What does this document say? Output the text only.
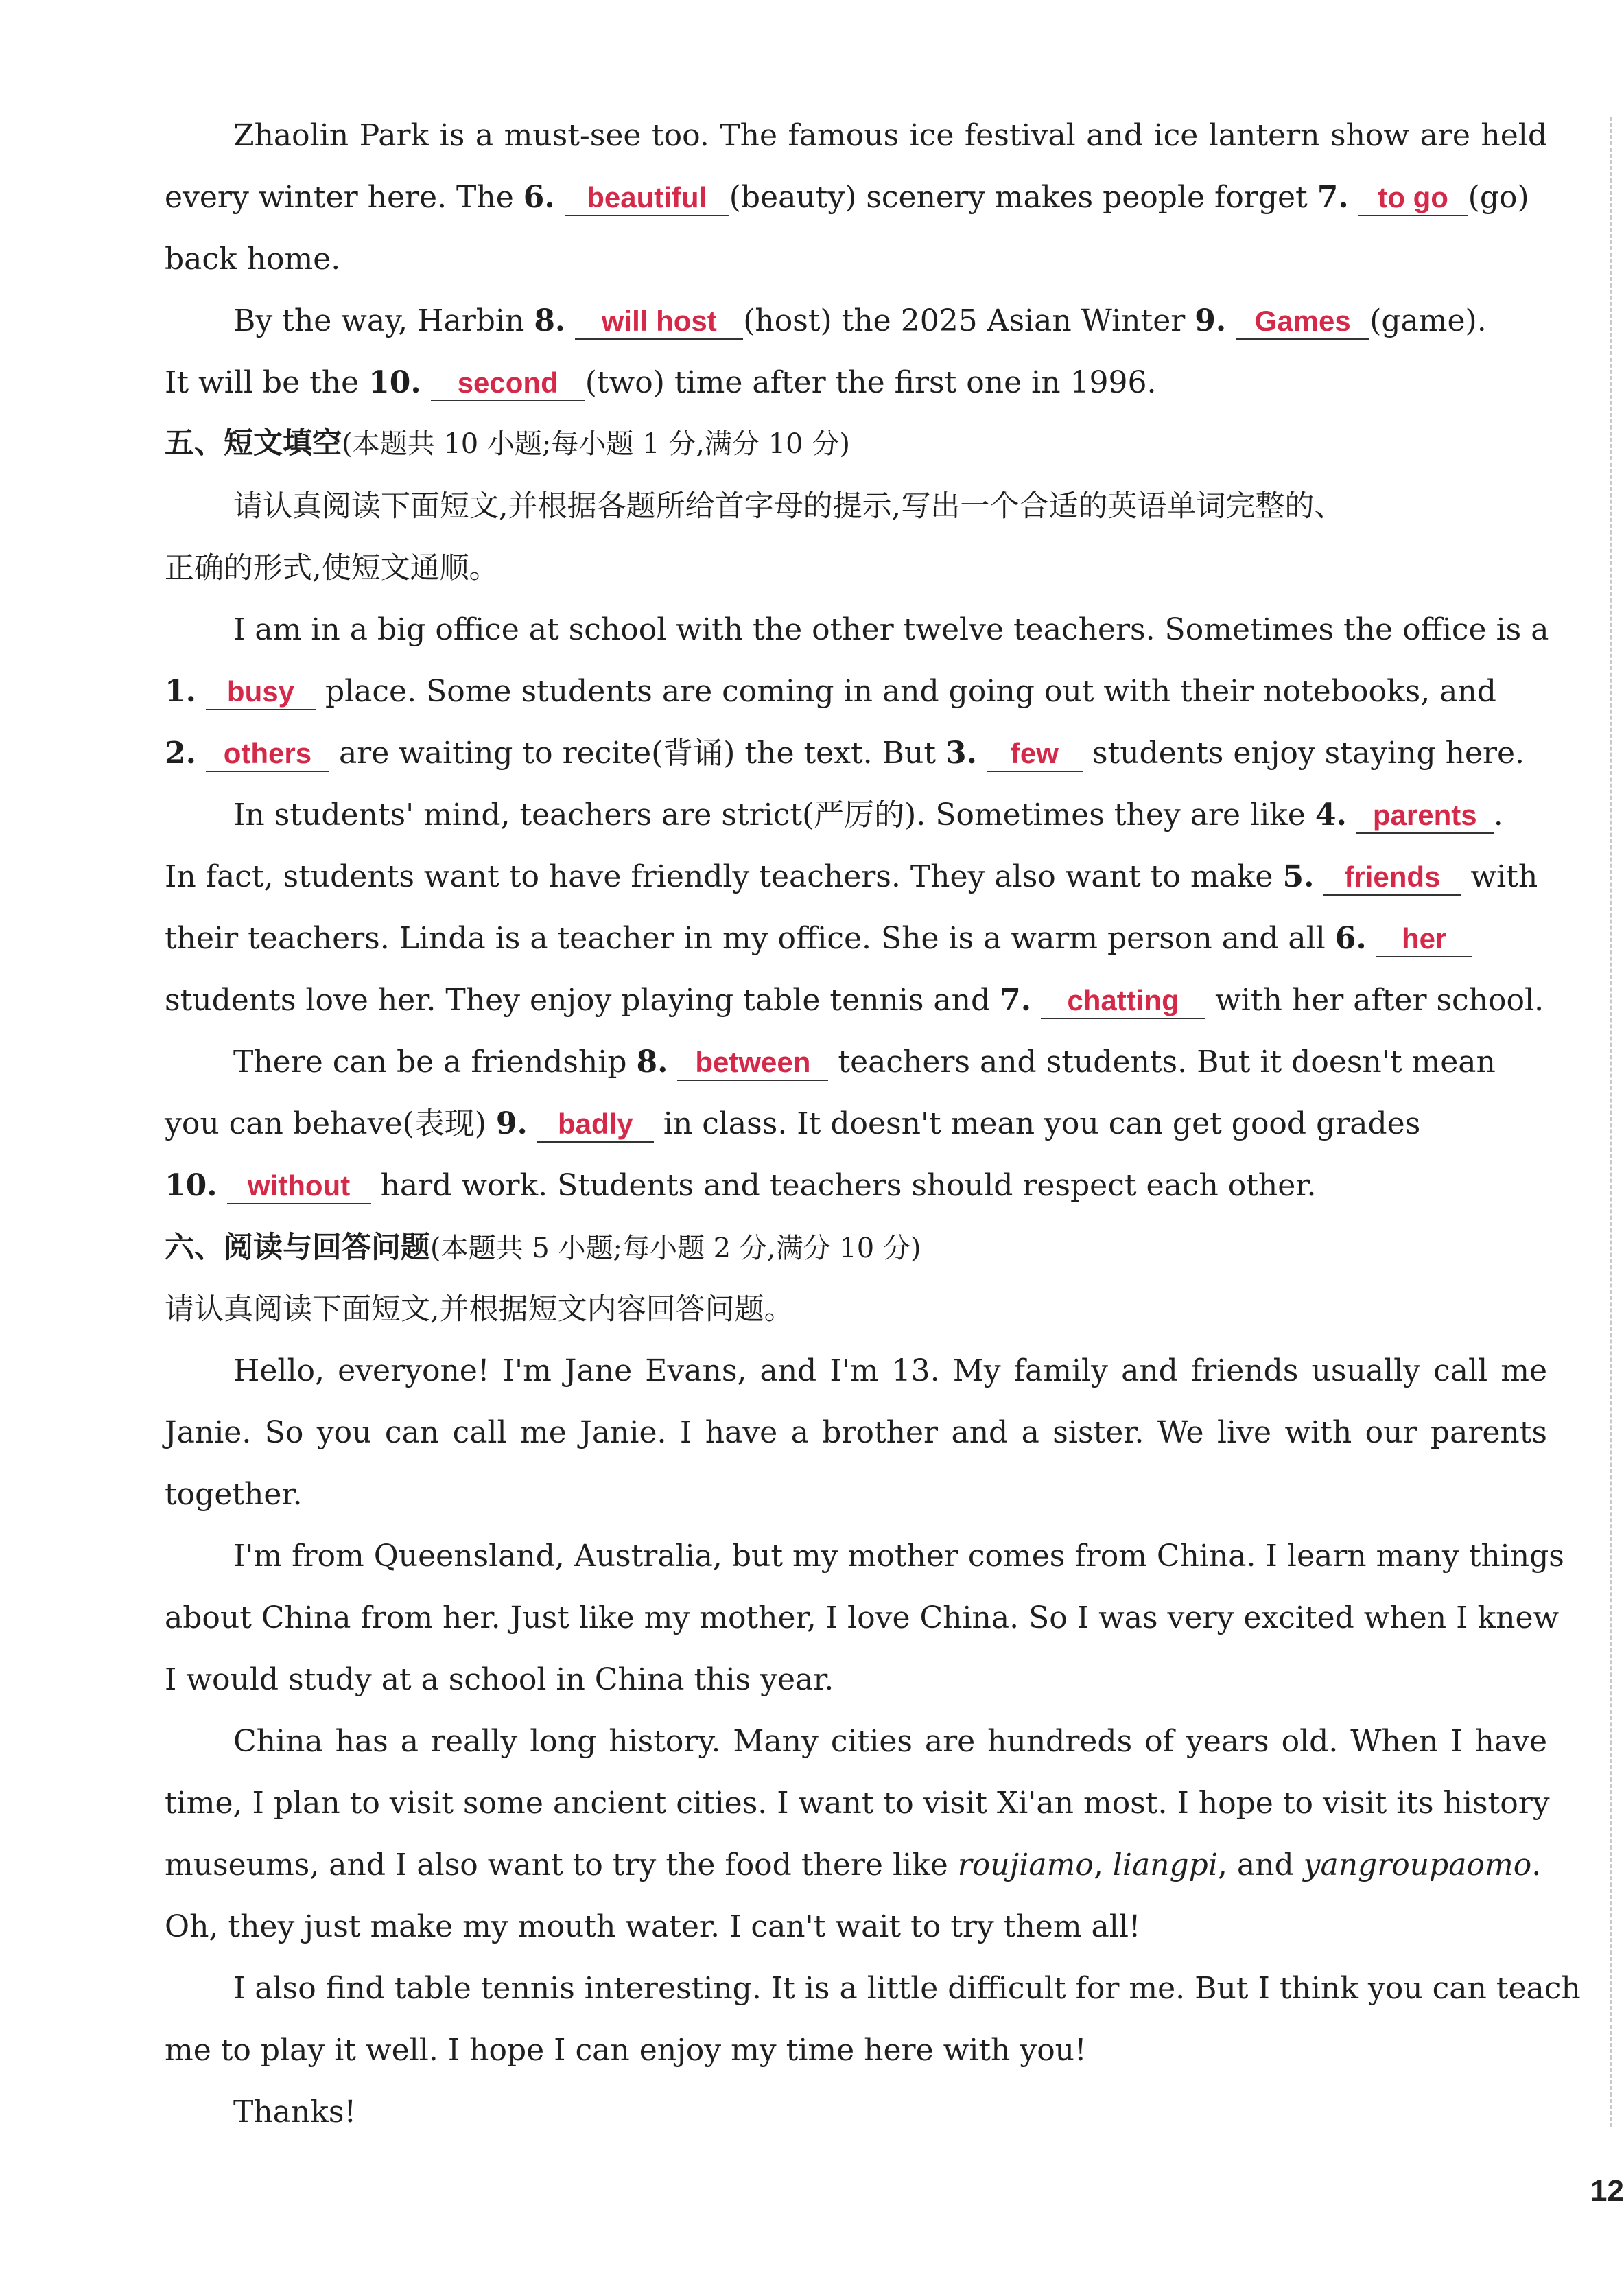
Zhaolin Park is a must-see too. The famous ice festival and ice lantern show are held
every winter here. The 6. beautiful (beauty) scenery makes people forget 7. to go (go)
back home.
By the way, Harbin 8. will host (host) the 2025 Asian Winter 9. Games (game).
It will be the 10. second (two) time after the first one in 1996.
五、短文填空(本题共 10 小题;每小题 1 分,满分 10 分)
请认真阅读下面短文,并根据各题所给首字母的提示,写出一个合适的英语单词完整的、
正确的形式,使短文通顺。
I am in a big office at school with the other twelve teachers. Sometimes the office is a
1. busy place. Some students are coming in and going out with their notebooks, and
2. others are waiting to recite(背诵) the text. But 3. few students enjoy staying here.
In students' mind, teachers are strict(严厉的). Sometimes they are like 4. parents .
In fact, students want to have friendly teachers. They also want to make 5. friends with
their teachers. Linda is a teacher in my office. She is a warm person and all 6. her
students love her. They enjoy playing table tennis and 7. chatting with her after school.
There can be a friendship 8. between teachers and students. But it doesn't mean
you can behave(表现) 9. badly in class. It doesn't mean you can get good grades
10. without hard work. Students and teachers should respect each other.
六、阅读与回答问题(本题共 5 小题;每小题 2 分,满分 10 分)
请认真阅读下面短文,并根据短文内容回答问题。
Hello, everyone! I'm Jane Evans, and I'm 13. My family and friends usually call me
Janie. So you can call me Janie. I have a brother and a sister. We live with our parents
together.
I'm from Queensland, Australia, but my mother comes from China. I learn many things
about China from her. Just like my mother, I love China. So I was very excited when I knew
I would study at a school in China this year.
China has a really long history. Many cities are hundreds of years old. When I have
time, I plan to visit some ancient cities. I want to visit Xi'an most. I hope to visit its history
museums, and I also want to try the food there like roujiamo, liangpi, and yangroupaomo.
Oh, they just make my mouth water. I can't wait to try them all!
I also find table tennis interesting. It is a little difficult for me. But I think you can teach
me to play it well. I hope I can enjoy my time here with you!
Thanks!
12
